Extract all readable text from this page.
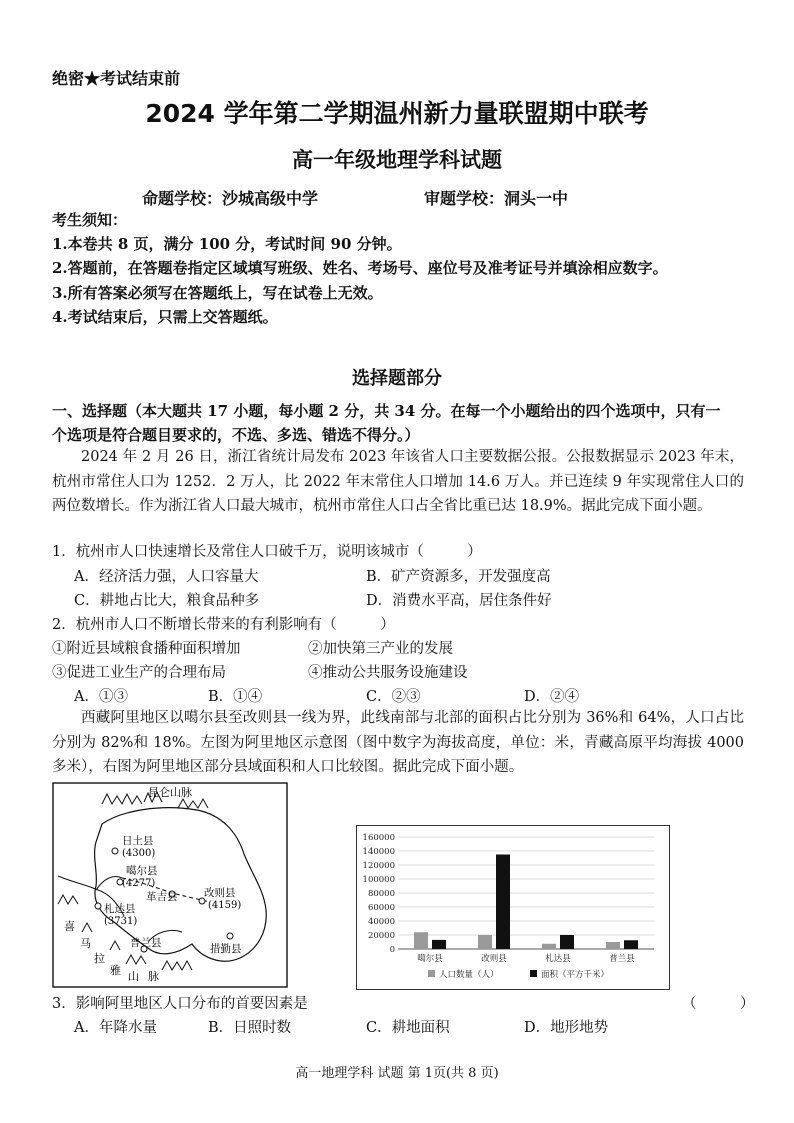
绝密★考试结束前
2024 学年第二学期温州新力量联盟期中联考
高一年级地理学科试题
命题学校：沙城高级中学	审题学校：洞头一中
考生须知：
1.本卷共 8 页，满分 100 分，考试时间 90 分钟。
2.答题前，在答题卷指定区域填写班级、姓名、考场号、座位号及准考证号并填涂相应数字。
3.所有答案必须写在答题纸上，写在试卷上无效。
4.考试结束后，只需上交答题纸。
选择题部分
一、选择题（本大题共 17 小题，每小题 2 分，共 34 分。在每一个小题给出的四个选项中，只有一
个选项是符合题目要求的，不选、多选、错选不得分。）
2024 年 2 月 26 日，浙江省统计局发布 2023 年该省人口主要数据公报。公报数据显示 2023 年末，杭州市常住人口为 1252．2 万人，比 2022 年末常住人口增加 14.6 万人。并已连续 9 年实现常住人口的两位数增长。作为浙江省人口最大城市，杭州市常住人口占全省比重已达 18.9%。据此完成下面小题。
1．杭州市人口快速增长及常住人口破千万，说明该城市（　　　）
A．经济活力强，人口容量大	B．矿产资源多，开发强度高
C．耕地占比大，粮食品种多	D．消费水平高，居住条件好
2．杭州市人口不断增长带来的有利影响有（　　　）
①附近县域粮食播种面积增加	②加快第三产业的发展
③促进工业生产的合理布局	④推动公共服务设施建设
A．①③	B．①④	C．②③	D．②④
西藏阿里地区以噶尔县至改则县一线为界，此线南部与北部的面积占比分别为 36%和 64%，人口占比分别为 82%和 18%。左图为阿里地区示意图（图中数字为海拔高度，单位：米，青藏高原平均海拔 4000 多米），右图为阿里地区部分县域面积和人口比较图。据此完成下面小题。
昆仑山脉
喜
马
拉
雅 山 脉
日土县
(4300)
噶尔县
(4277)
革吉县	改则县
(4159)
札达县
(3731)
普兰县	措勤县	0
20000
40000
60000
80000
100000
120000
140000
160000
噶尔县	改则县	札达县	普兰县
人口数量（人）	面积（平方千米）
3．影响阿里地区人口分布的首要因素是	（　　　）
A．年降水量	B．日照时数	C．耕地面积	D．地形地势
高一地理学科 试题 第 1页(共 8 页)
